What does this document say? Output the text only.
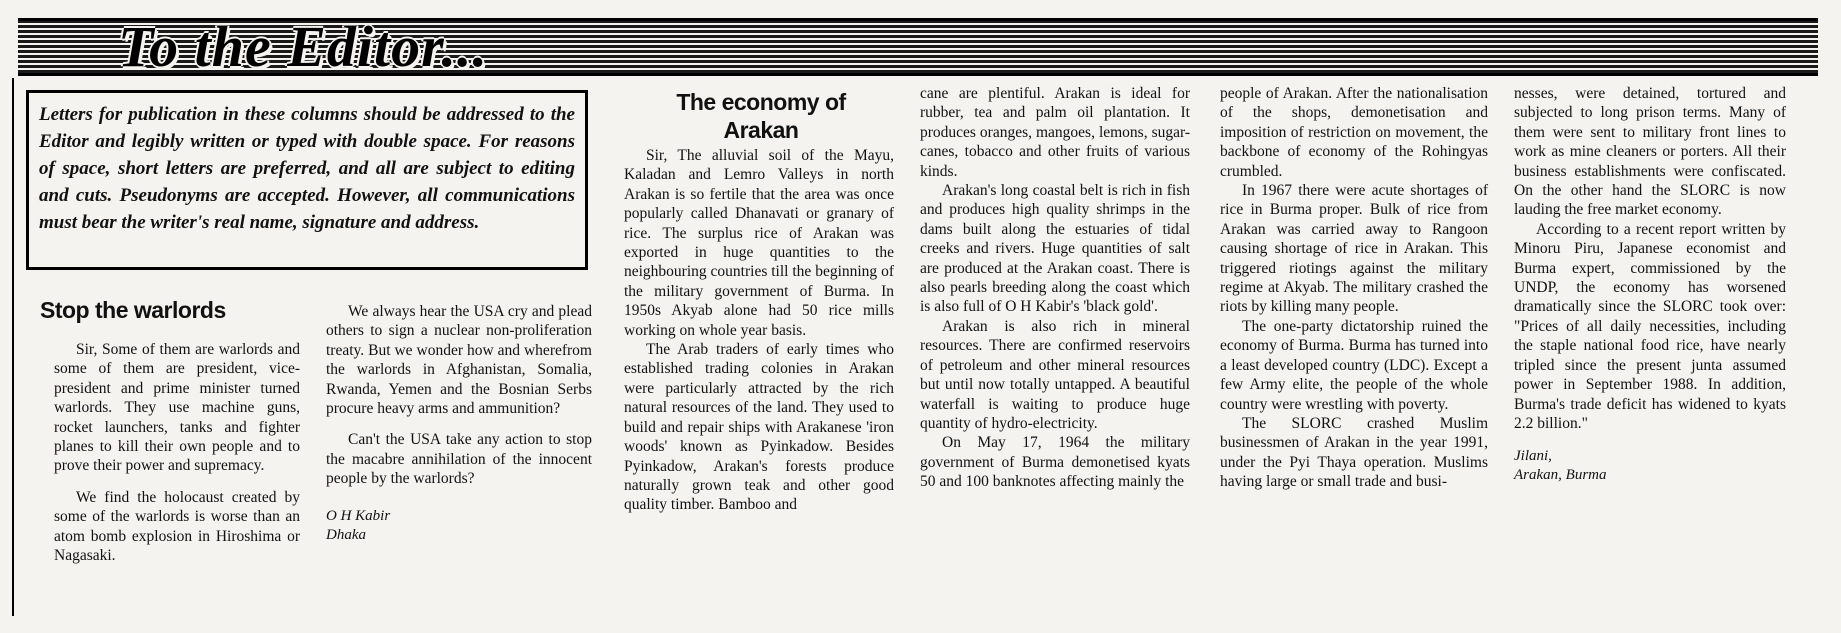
To the Editor...
Letters for publication in these columns should be addressed to the Editor and legibly written or typed with double space. For reasons of space, short letters are preferred, and all are subject to editing and cuts. Pseudonyms are accepted. However, all communications must bear the writer's real name, signature and address.
Stop the warlords

Sir, Some of them are warlords and some of them are president, vice-president and prime minister turned warlords. They use machine guns, rocket launchers, tanks and fighter planes to kill their own people and to prove their power and supremacy.

We find the holocaust created by some of the warlords is worse than an atom bomb explosion in Hiroshima or Nagasaki.

We always hear the USA cry and plead others to sign a nuclear non-proliferation treaty. But we wonder how and wherefrom the warlords in Afghanistan, Somalia, Rwanda, Yemen and the Bosnian Serbs procure heavy arms and ammunition?

Can't the USA take any action to stop the macabre annihilation of the innocent people by the warlords?

O H Kabir
Dhaka
The economy of
Arakan

Sir, The alluvial soil of the Mayu, Kaladan and Lemro Valleys in north Arakan is so fertile that the area was once popularly called Dhanavati or granary of rice. The surplus rice of Arakan was exported in huge quantities to the neighbouring countries till the beginning of the military government of Burma. In 1950s Akyab alone had 50 rice mills working on whole year basis.

The Arab traders of early times who established trading colonies in Arakan were particularly attracted by the rich natural resources of the land. They used to build and repair ships with Arakanese 'iron woods' known as Pyinkadow. Besides Pyinkadow, Arakan's forests produce naturally grown teak and other good quality timber. Bamboo and

cane are plentiful. Arakan is ideal for rubber, tea and palm oil plantation. It produces oranges, mangoes, lemons, sugar-canes, tobacco and other fruits of various kinds.

Arakan's long coastal belt is rich in fish and produces high quality shrimps in the dams built along the estuaries of tidal creeks and rivers. Huge quantities of salt are produced at the Arakan coast. There is also pearls breeding along the coast which is also full of O H Kabir's 'black gold'.

Arakan is also rich in mineral resources. There are confirmed reservoirs of petroleum and other mineral resources but until now totally untapped. A beautiful waterfall is waiting to produce huge quantity of hydro-electricity.

On May 17, 1964 the military government of Burma demonetised kyats 50 and 100 banknotes affecting mainly the

people of Arakan. After the nationalisation of the shops, demonetisation and imposition of restriction on movement, the backbone of economy of the Rohingyas crumbled.

In 1967 there were acute shortages of rice in Burma proper. Bulk of rice from Arakan was carried away to Rangoon causing shortage of rice in Arakan. This triggered riotings against the military regime at Akyab. The military crashed the riots by killing many people.

The one-party dictatorship ruined the economy of Burma. Burma has turned into a least developed country (LDC). Except a few Army elite, the people of the whole country were wrestling with poverty.

The SLORC crashed Muslim businessmen of Arakan in the year 1991, under the Pyi Thaya operation. Muslims having large or small trade and busi-

nesses, were detained, tortured and subjected to long prison terms. Many of them were sent to military front lines to work as mine cleaners or porters. All their business establishments were confiscated. On the other hand the SLORC is now lauding the free market economy.

According to a recent report written by Minoru Piru, Japanese economist and Burma expert, commissioned by the UNDP, the economy has worsened dramatically since the SLORC took over: "Prices of all daily necessities, including the staple national food rice, have nearly tripled since the present junta assumed power in September 1988. In addition, Burma's trade deficit has widened to kyats 2.2 billion."

Jilani,
Arakan, Burma
